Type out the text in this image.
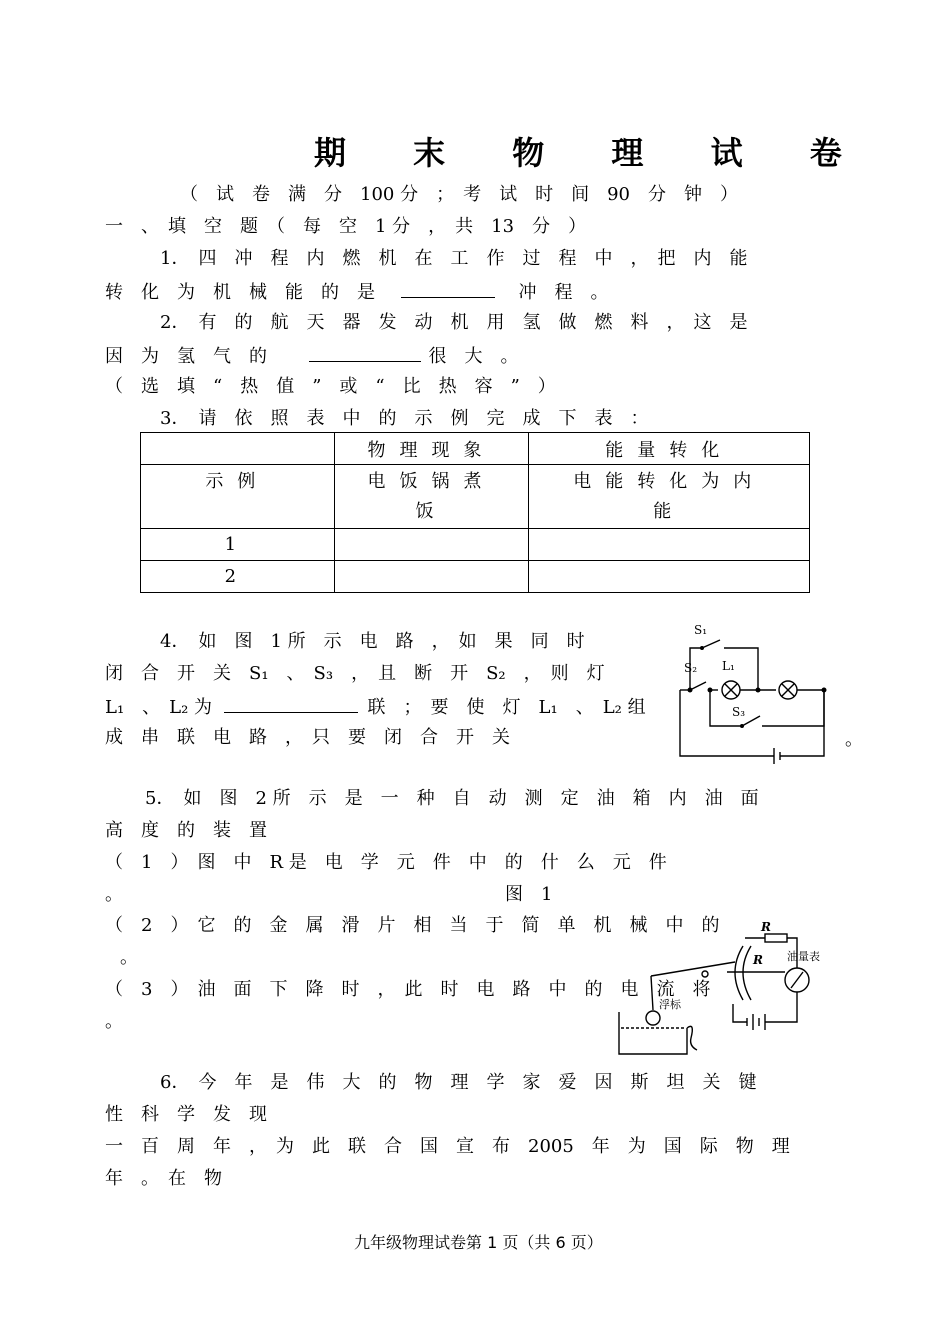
期 末 物 理 试 卷
（　试　卷　满　分　100 分　；　考　试　时　间　90　分　钟　）
一　、　填　空　题　（　每　空　1 分　，　共　13　分　）
1．　四　冲　程　内　燃　机　在　工　作　过　程　中　，　把　内　能
转　化　为　机　械　能　的　是	冲　程　。
2．　有　的　航　天　器　发　动　机　用　氢　做　燃　料　，　这　是
因　为　氢　气　的	很　大　。
（　选　填　“　热　值　”　或　“　比　热　容　”　）
3．　请　依　照　表　中　的　示　例　完　成　下　表　：
	物理现象	能量转化
示例	电饭锅煮饭	电能转化为内能
1		
2		
4．　如　图　1 所　示　电　路　，　如　果　同　时
闭　合　开　关　S₁　、　S₃　，　且　断　开　S₂　，　则　灯
L₁　、　L₂ 为	联　；　要　使　灯　L₁　、　L₂ 组
成　串　联　电　路　，　只　要　闭　合　开　关	。
S₁
S₂ L₁
S₃
5．　如　图　2 所　示　是　一　种　自　动　测　定　油　箱　内　油　面
高　度　的　装　置
（　1　）　图　中　R 是　电　学　元　件　中　的　什　么　元　件
。	图　1
（　2　）　它　的　金　属　滑　片　相　当　于　简　单　机　械　中　的
。
（　3　）　油　面　下　降　时　，　此　时　电　路　中　的　电　流　将
。
R
R 油量表
浮标
6．　今　年　是　伟　大　的　物　理　学　家　爱　因　斯　坦　关　键
性　科　学　发　现
一　百　周　年　，　为　此　联　合　国　宣　布　2005　年　为　国　际　物　理
年　。　在　物
九年级物理试卷第 1 页（共 6 页）
